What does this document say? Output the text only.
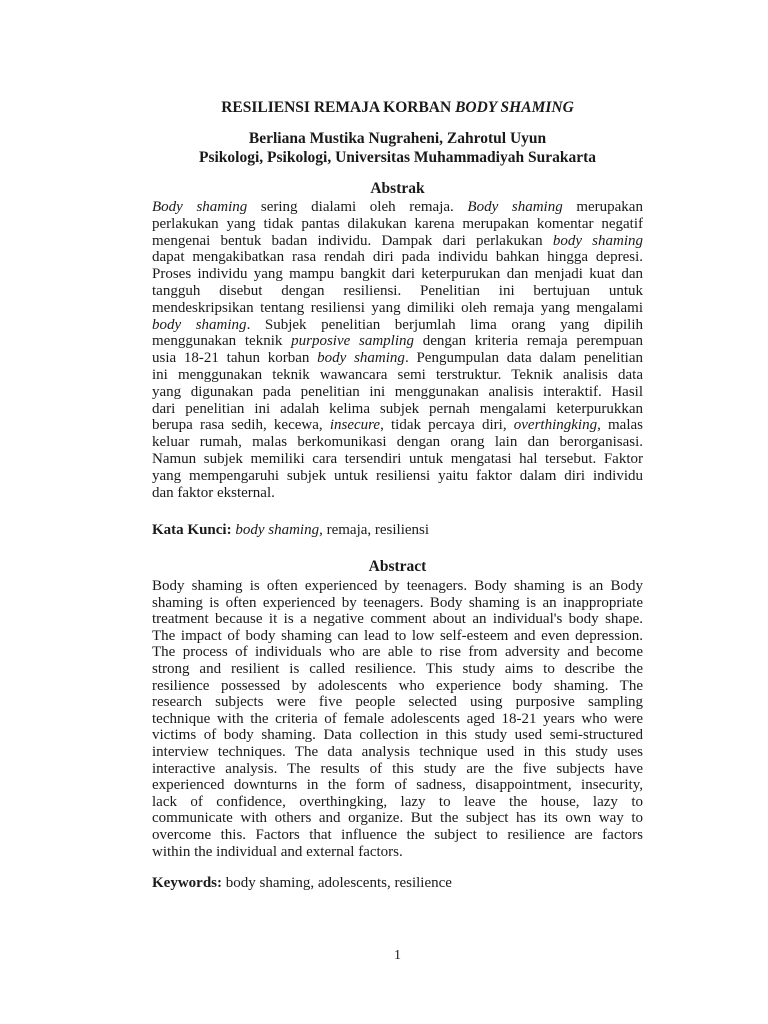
RESILIENSI REMAJA KORBAN BODY SHAMING
Berliana Mustika Nugraheni, Zahrotul Uyun
Psikologi, Psikologi, Universitas Muhammadiyah Surakarta
Abstrak
Body shaming sering dialami oleh remaja. Body shaming merupakan
perlakukan yang tidak pantas dilakukan karena merupakan komentar negatif
mengenai bentuk badan individu. Dampak dari perlakukan body shaming
dapat mengakibatkan rasa rendah diri pada individu bahkan hingga depresi.
Proses individu yang mampu bangkit dari keterpurukan dan menjadi kuat dan
tangguh disebut dengan resiliensi. Penelitian ini bertujuan untuk
mendeskripsikan tentang resiliensi yang dimiliki oleh remaja yang mengalami
body shaming. Subjek penelitian berjumlah lima orang yang dipilih
menggunakan teknik purposive sampling dengan kriteria remaja perempuan
usia 18-21 tahun korban body shaming. Pengumpulan data dalam penelitian
ini menggunakan teknik wawancara semi terstruktur. Teknik analisis data
yang digunakan pada penelitian ini menggunakan analisis interaktif. Hasil
dari penelitian ini adalah kelima subjek pernah mengalami keterpurukkan
berupa rasa sedih, kecewa, insecure, tidak percaya diri, overthingking, malas
keluar rumah, malas berkomunikasi dengan orang lain dan berorganisasi.
Namun subjek memiliki cara tersendiri untuk mengatasi hal tersebut. Faktor
yang mempengaruhi subjek untuk resiliensi yaitu faktor dalam diri individu
dan faktor eksternal.
Kata Kunci: body shaming, remaja, resiliensi
Abstract
Body shaming is often experienced by teenagers. Body shaming is an Body
shaming is often experienced by teenagers. Body shaming is an inappropriate
treatment because it is a negative comment about an individual's body shape.
The impact of body shaming can lead to low self-esteem and even depression.
The process of individuals who are able to rise from adversity and become
strong and resilient is called resilience. This study aims to describe the
resilience possessed by adolescents who experience body shaming. The
research subjects were five people selected using purposive sampling
technique with the criteria of female adolescents aged 18-21 years who were
victims of body shaming. Data collection in this study used semi-structured
interview techniques. The data analysis technique used in this study uses
interactive analysis. The results of this study are the five subjects have
experienced downturns in the form of sadness, disappointment, insecurity,
lack of confidence, overthingking, lazy to leave the house, lazy to
communicate with others and organize. But the subject has its own way to
overcome this. Factors that influence the subject to resilience are factors
within the individual and external factors.
Keywords: body shaming, adolescents, resilience
1
